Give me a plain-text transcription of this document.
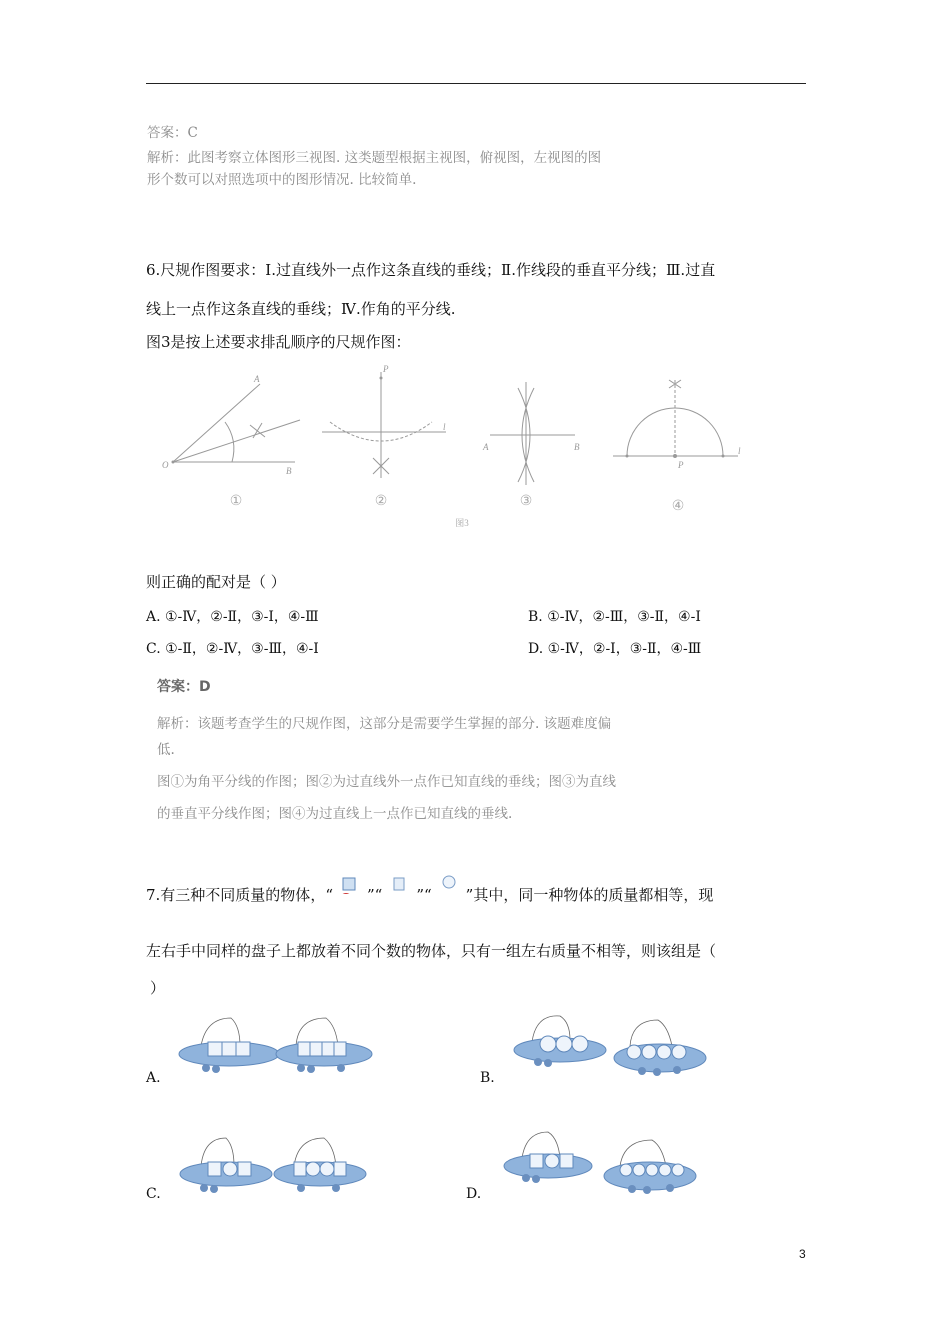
答案：C
解析：此图考察立体图形三视图. 这类题型根据主视图，俯视图，左视图的图
形个数可以对照选项中的图形情况. 比较简单.
6.尺规作图要求：Ⅰ.过直线外一点作这条直线的垂线；Ⅱ.作线段的垂直平分线；Ⅲ.过直
线上一点作这条直线的垂线；Ⅳ.作角的平分线.
图3是按上述要求排乱顺序的尺规作图：
O
A
B
P
l
A	B
P
l
①	②	③	④
图3
则正确的配对是（ ）
A. ①-Ⅳ，②-Ⅱ，③-Ⅰ，④-Ⅲ	B. ①-Ⅳ，②-Ⅲ，③-Ⅱ，④-Ⅰ
C. ①-Ⅱ，②-Ⅳ，③-Ⅲ，④-Ⅰ	D. ①-Ⅳ，②-Ⅰ，③-Ⅱ，④-Ⅲ
答案：D
解析：该题考查学生的尺规作图，这部分是需要学生掌握的部分. 该题难度偏
低.
图①为角平分线的作图；图②为过直线外一点作已知直线的垂线；图③为直线
的垂直平分线作图；图④为过直线上一点作已知直线的垂线.
7.有三种不同质量的物体，“ ”“ ”“ ”其中，同一种物体的质量都相等，现
左右手中同样的盘子上都放着不同个数的物体，只有一组左右质量不相等，则该组是（
）
A.	B.
C.	D.
3
